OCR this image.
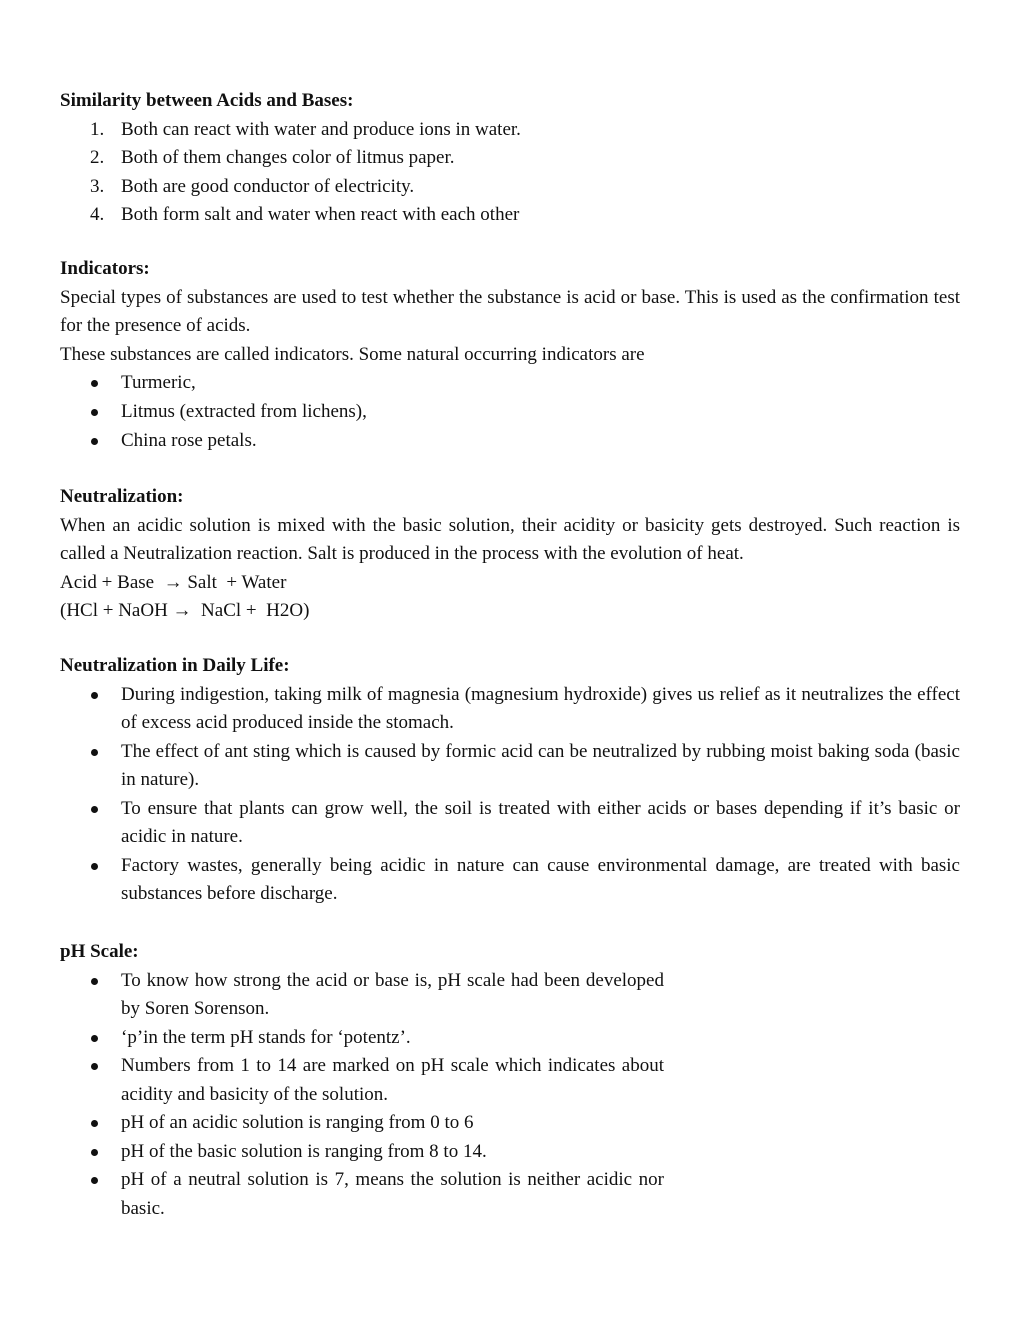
Similarity between Acids and Bases:
1. Both can react with water and produce ions in water.
2. Both of them changes color of litmus paper.
3. Both are good conductor of electricity.
4. Both form salt and water when react with each other
Indicators:
Special types of substances are used to test whether the substance is acid or base. This is used as the confirmation test for the presence of acids.
These substances are called indicators. Some natural occurring indicators are
Turmeric,
Litmus (extracted from lichens),
China rose petals.
Neutralization:
When an acidic solution is mixed with the basic solution, their acidity or basicity gets destroyed. Such reaction is called a Neutralization reaction. Salt is produced in the process with the evolution of heat.
Acid + Base  → Salt  + Water
(HCl + NaOH →  NaCl +  H2O)
Neutralization in Daily Life:
During indigestion, taking milk of magnesia (magnesium hydroxide) gives us relief as it neutralizes the effect of excess acid produced inside the stomach.
The effect of ant sting which is caused by formic acid can be neutralized by rubbing moist baking soda (basic in nature).
To ensure that plants can grow well, the soil is treated with either acids or bases depending if it’s basic or acidic in nature.
Factory wastes, generally being acidic in nature can cause environmental damage, are treated with basic substances before discharge.
pH Scale:
To know how strong the acid or base is, pH scale had been developed by Soren Sorenson.
‘p’in the term pH stands for ‘potentz’.
Numbers from 1 to 14 are marked on pH scale which indicates about acidity and basicity of the solution.
pH of an acidic solution is ranging from 0 to 6
pH of the basic solution is ranging from 8 to 14.
pH of a neutral solution is 7, means the solution is neither acidic nor basic.
